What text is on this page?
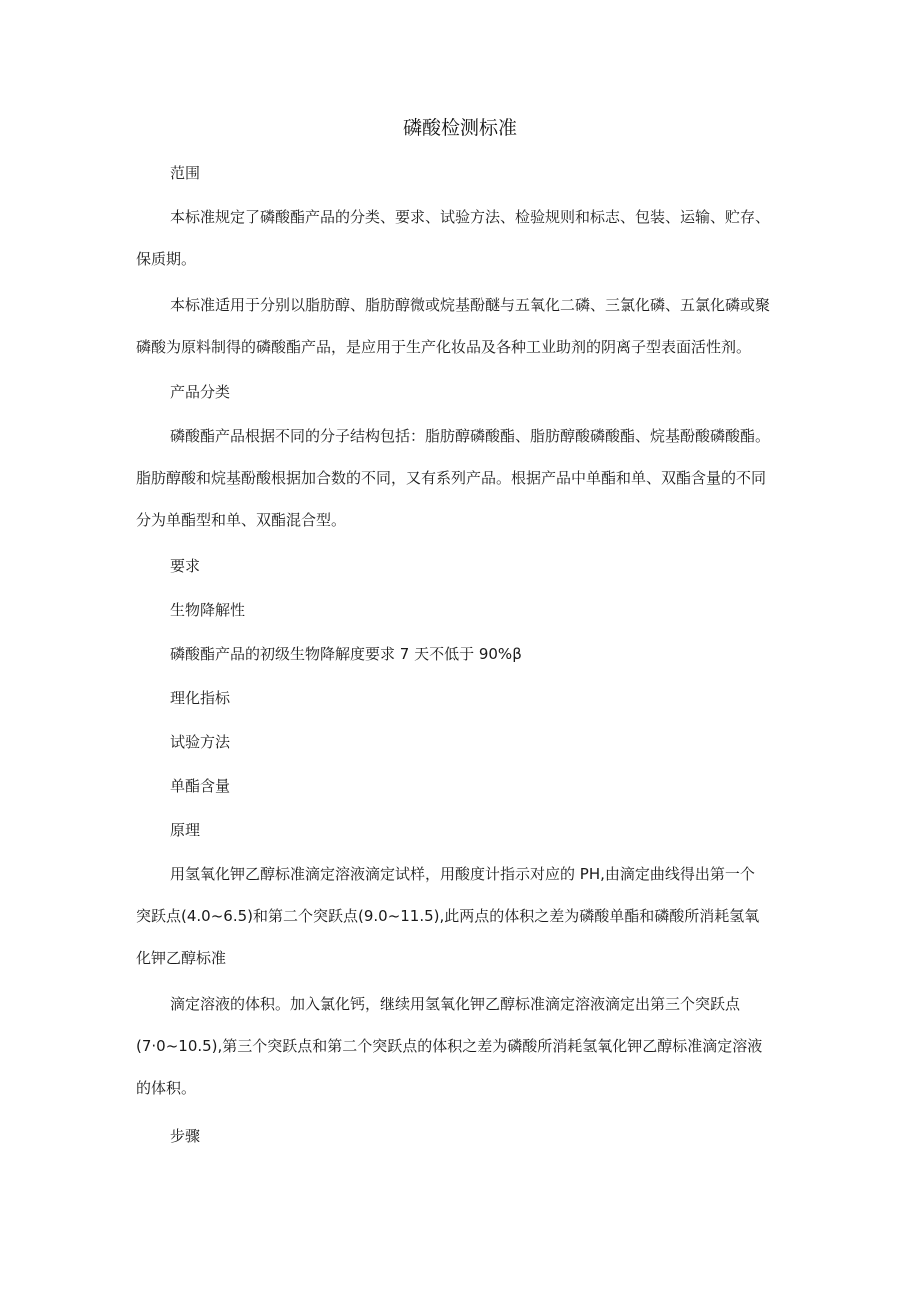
磷酸检测标准
范围
本标准规定了磷酸酯产品的分类、要求、试验方法、检验规则和标志、包装、运输、贮存、
保质期。
本标准适用于分别以脂肪醇、脂肪醇微或烷基酚醚与五氧化二磷、三氯化磷、五氯化磷或聚
磷酸为原料制得的磷酸酯产品，是应用于生产化妆品及各种工业助剂的阴离子型表面活性剂。
产品分类
磷酸酯产品根据不同的分子结构包括：脂肪醇磷酸酯、脂肪醇酸磷酸酯、烷基酚酸磷酸酯。
脂肪醇酸和烷基酚酸根据加合数的不同，又有系列产品。根据产品中单酯和单、双酯含量的不同
分为单酯型和单、双酯混合型。
要求
生物降解性
磷酸酯产品的初级生物降解度要求 7 天不低于 90%β
理化指标
试验方法
单酯含量
原理
用氢氧化钾乙醇标准滴定溶液滴定试样，用酸度计指示对应的 PH,由滴定曲线得出第一个
突跃点(4.0~6.5)和第二个突跃点(9.0~11.5),此两点的体积之差为磷酸单酯和磷酸所消耗氢氧
化钾乙醇标准
滴定溶液的体积。加入氯化钙，继续用氢氧化钾乙醇标准滴定溶液滴定出第三个突跃点
(7·0~10.5),第三个突跃点和第二个突跃点的体积之差为磷酸所消耗氢氧化钾乙醇标准滴定溶液
的体积。
步骤
